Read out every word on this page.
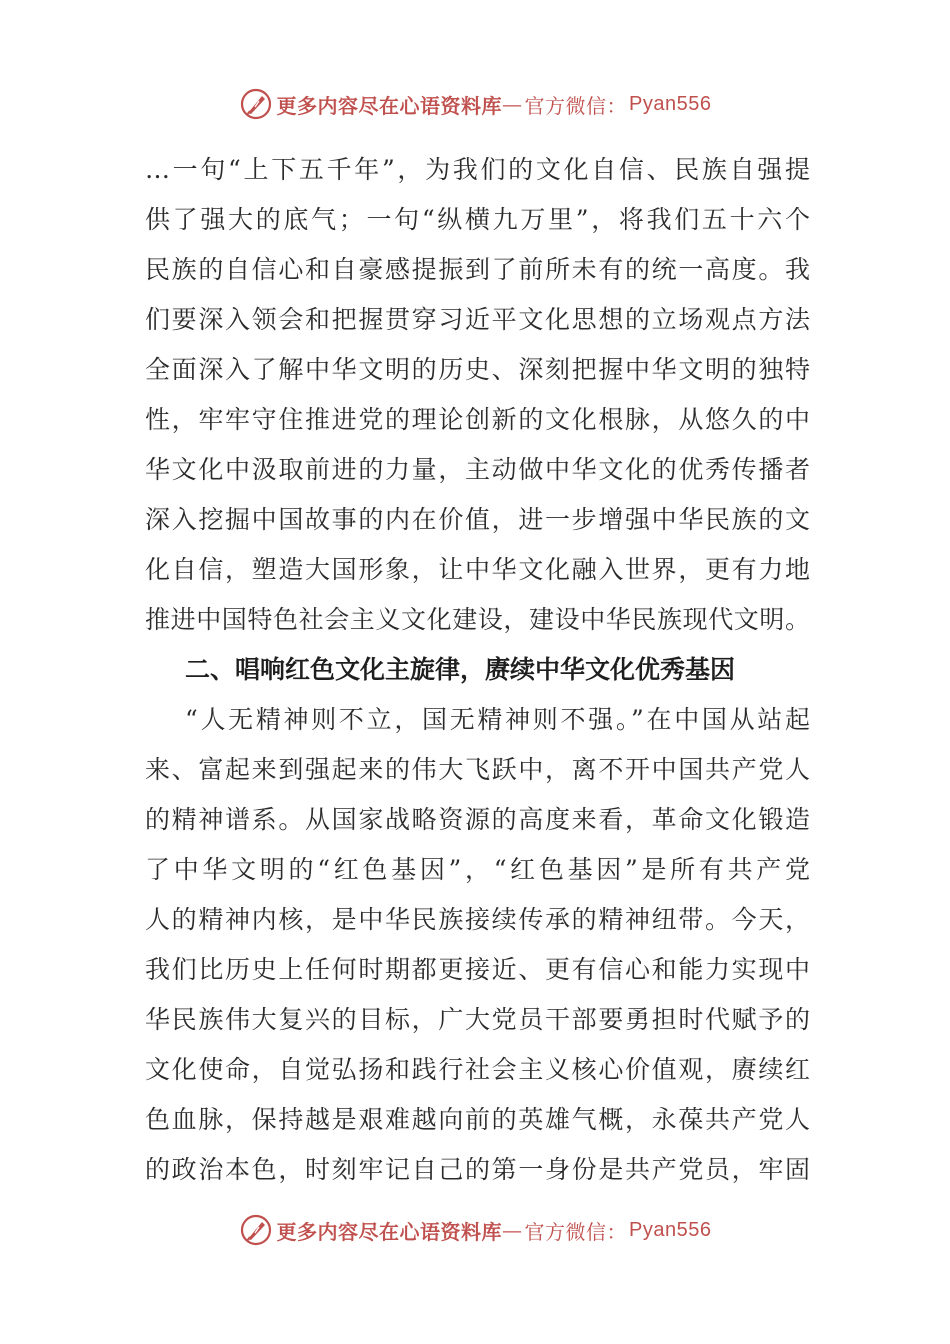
更多内容尽在心语资料库 — 官方微信： Pyan556
…一句“上下五千年”，为我们的文化自信、民族自强提
供了强大的底气；一句“纵横九万里”，将我们五十六个
民族的自信心和自豪感提振到了前所未有的统一高度。我
们要深入领会和把握贯穿习近平文化思想的立场观点方法
全面深入了解中华文明的历史、深刻把握中华文明的独特
性，牢牢守住推进党的理论创新的文化根脉，从悠久的中
华文化中汲取前进的力量，主动做中华文化的优秀传播者
深入挖掘中国故事的内在价值，进一步增强中华民族的文
化自信，塑造大国形象，让中华文化融入世界，更有力地
推进中国特色社会主义文化建设，建设中华民族现代文明。
二、唱响红色文化主旋律，赓续中华文化优秀基因
“人无精神则不立，国无精神则不强。”在中国从站起
来、富起来到强起来的伟大飞跃中，离不开中国共产党人
的精神谱系。从国家战略资源的高度来看，革命文化锻造
了中华文明的“红色基因”，“红色基因”是所有共产党
人的精神内核，是中华民族接续传承的精神纽带。今天，
我们比历史上任何时期都更接近、更有信心和能力实现中
华民族伟大复兴的目标，广大党员干部要勇担时代赋予的
文化使命，自觉弘扬和践行社会主义核心价值观，赓续红
色血脉，保持越是艰难越向前的英雄气概，永葆共产党人
的政治本色，时刻牢记自己的第一身份是共产党员，牢固
更多内容尽在心语资料库 — 官方微信： Pyan556
